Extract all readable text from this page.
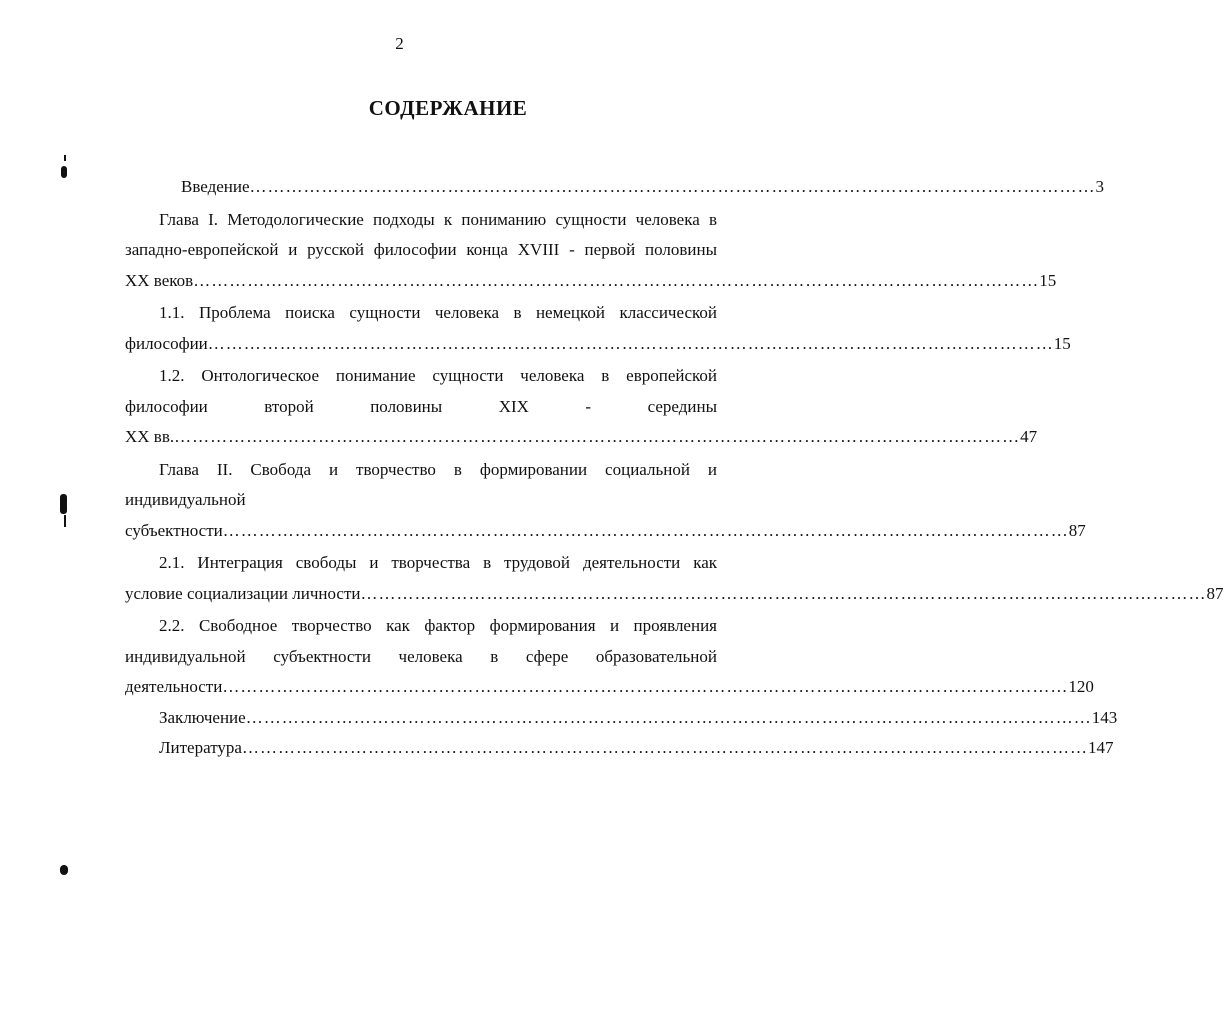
2
СОДЕРЖАНИЕ
Введение …………………………………………………………………………………………………………………………… 3
Глава I. Методологические подходы к пониманию сущности человека в
западно-европейской и русской философии конца XVIII - первой половины
XX веков …………………………………………………………………………………………………………………………… 15
1.1. Проблема поиска сущности человека в немецкой классической
философии …………………………………………………………………………………………………………………………… 15
1.2. Онтологическое понимание сущности человека в европейской
философии второй половины XIX - середины
XX вв. …………………………………………………………………………………………………………………………… 47
Глава II. Свобода и творчество в формировании социальной и
индивидуальной
субъектности …………………………………………………………………………………………………………………………… 87
2.1. Интеграция свободы и творчества в трудовой деятельности как
условие социализации личности …………………………………………………………………………………………………………………………… 87
2.2. Свободное творчество как фактор формирования и проявления
индивидуальной субъектности человека в сфере образовательной
деятельности …………………………………………………………………………………………………………………………… 120
Заключение …………………………………………………………………………………………………………………………… 143
Литература …………………………………………………………………………………………………………………………… 147
